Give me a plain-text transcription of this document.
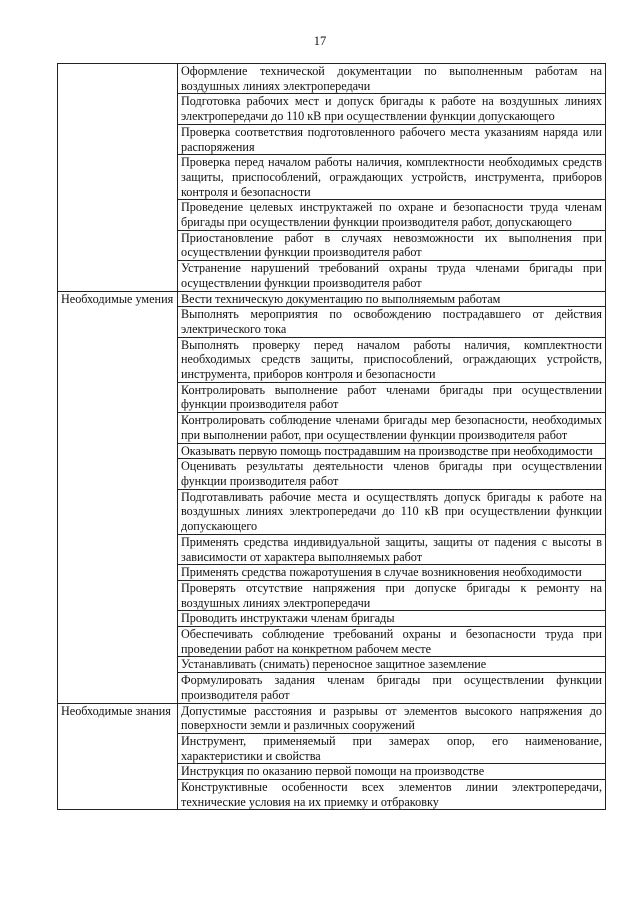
17
	Оформление технической документации по выполненным работам на воздушных линиях электропередачи
	Подготовка рабочих мест и допуск бригады к работе на воздушных линиях электропередачи до 110 кВ при осуществлении функции допускающего
	Проверка соответствия подготовленного рабочего места указаниям наряда или распоряжения
	Проверка перед началом работы наличия, комплектности необходимых средств защиты, приспособлений, ограждающих устройств, инструмента, приборов контроля и безопасности
	Проведение целевых инструктажей по охране и безопасности труда членам бригады при осуществлении функции производителя работ, допускающего
	Приостановление работ в случаях невозможности их выполнения при осуществлении функции производителя работ
	Устранение нарушений требований охраны труда членами бригады при осуществлении функции производителя работ
Необходимые умения	Вести техническую документацию по выполняемым работам
	Выполнять мероприятия по освобождению пострадавшего от действия электрического тока
	Выполнять проверку перед началом работы наличия, комплектности необходимых средств защиты, приспособлений, ограждающих устройств, инструмента, приборов контроля и безопасности
	Контролировать выполнение работ членами бригады при осуществлении функции производителя работ
	Контролировать соблюдение членами бригады мер безопасности, необходимых при выполнении работ, при осуществлении функции производителя работ
	Оказывать первую помощь пострадавшим на производстве при необходимости
	Оценивать результаты деятельности членов бригады при осуществлении функции производителя работ
	Подготавливать рабочие места и осуществлять допуск бригады к работе на воздушных линиях электропередачи до 110 кВ при осуществлении функции допускающего
	Применять средства индивидуальной защиты, защиты от падения с высоты в зависимости от характера выполняемых работ
	Применять средства пожаротушения в случае возникновения необходимости
	Проверять отсутствие напряжения при допуске бригады к ремонту на воздушных линиях электропередачи
	Проводить инструктажи членам бригады
	Обеспечивать соблюдение требований охраны и безопасности труда при проведении работ на конкретном рабочем месте
	Устанавливать (снимать) переносное защитное заземление
	Формулировать задания членам бригады при осуществлении функции производителя работ
Необходимые знания	Допустимые расстояния и разрывы от элементов высокого напряжения до поверхности земли и различных сооружений
	Инструмент, применяемый при замерах опор, его наименование, характеристики и свойства
	Инструкция по оказанию первой помощи на производстве
	Конструктивные особенности всех элементов линии электропередачи, технические условия на их приемку и отбраковку
